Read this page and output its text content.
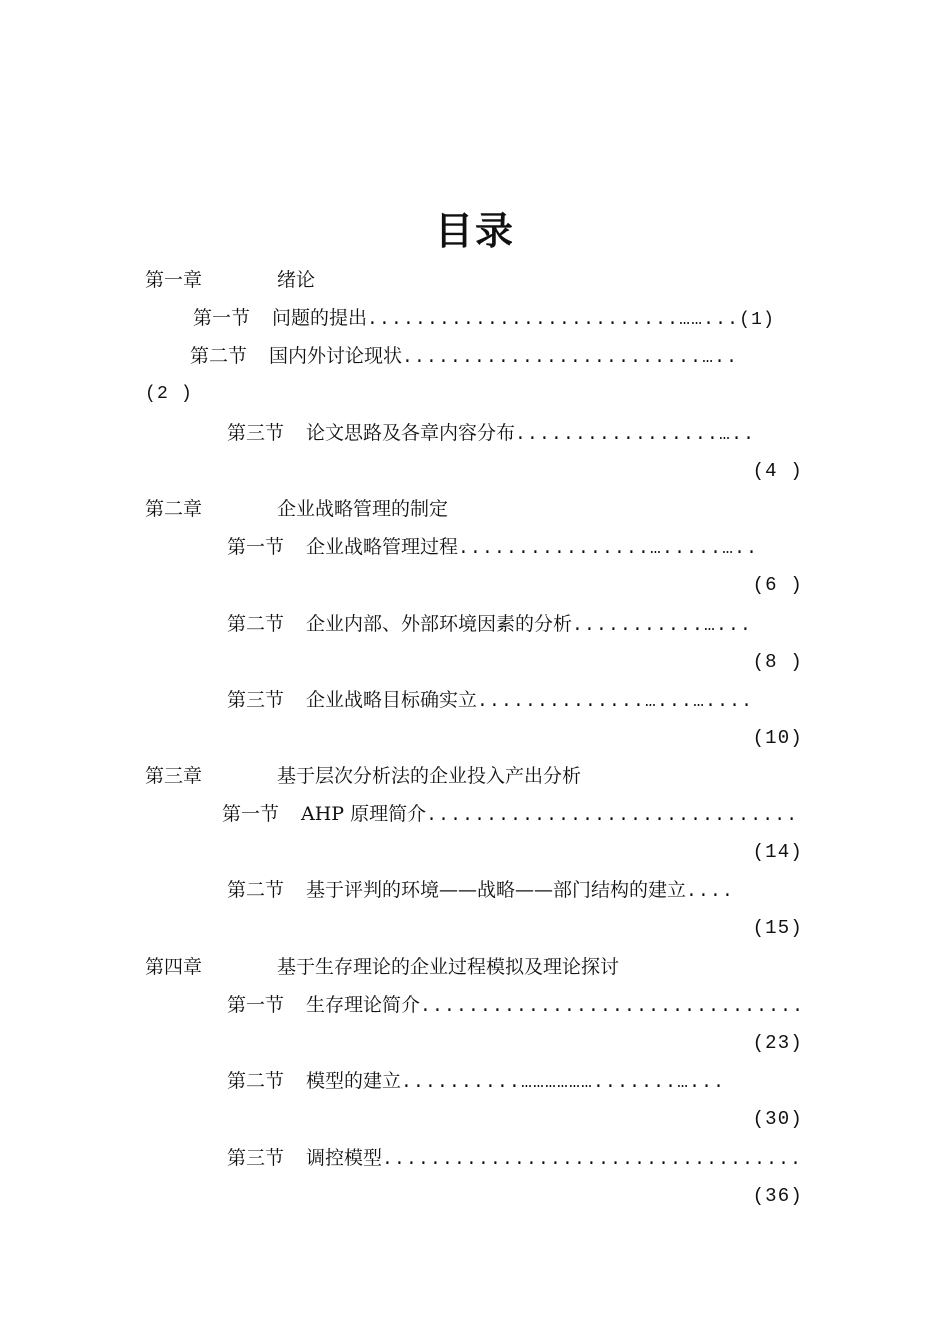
目录
第一章	绪论
第一节 问题的提出..........................……...(1)
第二节 国内外讨论现状.........................…..
(2 )
第三节 论文思路及各章内容分布.................…..
(4 )
第二章	企业战略管理的制定
第一节 企业战略管理过程................….....…..
(6 )
第二节 企业内部、外部环境因素的分析...........…...
(8 )
第三节 企业战略目标确实立..............…...…....
(10)
第三章	基于层次分析法的企业投入产出分析
第一节 AHP 原理简介...............................
(14)
第二节 基于评判的环境——战略——部门结构的建立....
(15)
第四章	基于生存理论的企业过程模拟及理论探讨
第一节 生存理论简介................................
(23)
第二节 模型的建立..........……………….......…...
(30)
第三节 调控模型...................................
(36)
